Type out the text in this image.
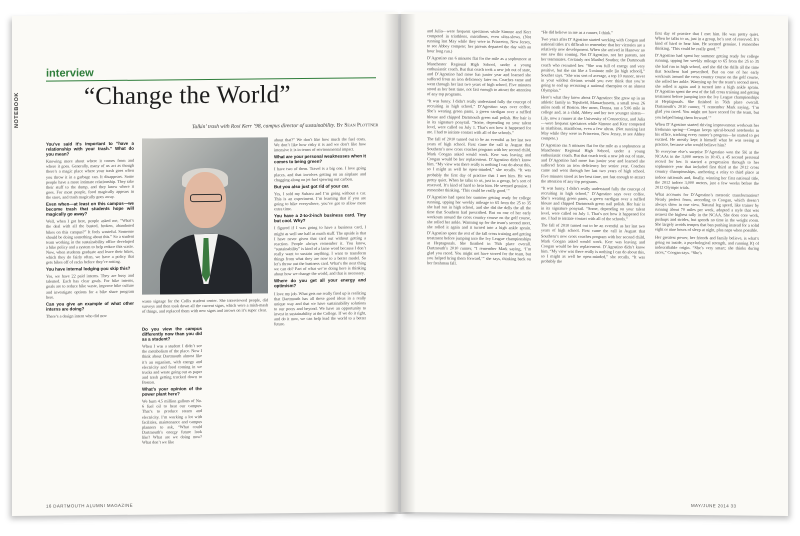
NOTEBOOK
interview
“Change the World”
Talkin’ trash with Rosi Kerr ’98, campus director of sustainability. By Sean Plottner

You’ve said it’s important to “have a relationship with your trash.” What do you mean?

Knowing more about where it comes from and where it goes. Generally, many of us act as though there’s a magic place where your trash goes when you throw it in a garbage can. It disappears. Some people have a more intimate relationship. They take their stuff to the dump, and they know where it goes. For most people, food magically appears in the store, and trash magically goes away.

Even when—at least on this campus—we become trash that students hope will magically go away?

Well, when I got here, people asked me, “What’s the deal with all the busted, broken, abandoned bikes on this campus?” It feels wasteful. Someone should be doing something about this.” So a student team working in the sustainability office developed a bike policy and a system to help reduce this waste. Now, when students graduate and leave their bikes, which they do fairly often, we have a policy that gets bikes off of racks before they’re rotting.

You have internal lodging-you skip this?

Yes, we have 22 paid interns. They are busy and talented. Each has clear goals. For bike interns, goals are to reduce bike waste, improve bike culture and investigate options for a bike share program here.

Can you give an example of what other interns are doing?

There’s a design intern who did new

waste signage for the Collis student center. She interviewed people, did surveys and then took down all the current signs, which were a mish-mash of things, and replaced them with new signs and arrows on it’s super clear.

Do you view the campus differently now than you did as a student?

When I was a student I didn’t see the metabolism of the place. Now I think about Dartmouth almost like it’s an organism, with energy and electricity and food coming in we trucks and waste going out as paper and trash getting trucked down to Boston.

What’s your opinion of the power plant here?

We burn 4.5 million gallons of No. 6 fuel oil to heat our campus. That’s to produce steam and electricity. I’m working a lot with facilities, maintenance and campus planners to ask, “What could Dartmouth’s energy future look like? What are we doing now? What don’t we like

about that?” We don’t like how much the fuel costs. We don’t like how risky it is and we don’t like how intensive it is in terms of environmental impact.

What are your personal weaknesses when it comes to being green?

I have two of them. Travel is a big one. I love going places, and that involves getting on an airplane and chugging along on jet fuel spewing out carbon.

But you also just got rid of your car.

Yes, I sold my Subaru and I’m going without a car. This is an experiment. I’m learning that if you are going to bike everywhere, you’ve got to allow more extra time.

You have a 2-to-2-inch business card. Tiny but cool. Why?

I figured if I was going to have a business card, I might as well use half as much stuff. The upside is that I have never given that card out without getting a reaction. People always remember it. You know, “sustainability” is kind of a lame word because I don’t really want to sustain anything. I want to transform things from what they are now to a better model. So let’s throw out the business card. What’s the next thing we can do? Part of what we’re doing here is thinking about how we change the world, and that is necessary.

Where do you get all your energy and optimism?

I love my job. What gets me really fired up is realizing that Dartmouth has all these good ideas in a really unique way and that we have sustainability solutions to our peers and beyond. We have an opportunity to invest in sustainability at the College. If we do it right, and do it now, we can help lead the world to a better future.

16 DARTMOUTH ALUMNI MAGAZINE

and Julia—were frequent spectators while Simone and Kerr competed in triathlons, marathons, even ultra-slows. (Not running last May while they were in Princeton, New Jersey, to see Abbey compete; her parents departed the day with an hour long run.)

D’Agostino ran 6 minutes flat for the mile as a sophomore at Manchester Regional High School, under a young enthusiastic coach. But that coach took a new job out of state, and D’Agostino had more fun junior year and learned she suffered from an iron deficiency later on. Coaches came and went through her last two years of high school. Five minutes stood as her best time, not fast enough to attract the attention of any top programs.

“It was funny. I didn’t really understand fully the concept of recruiting in high school,” D’Agostino says over coffee. She’s wearing green pants, a green cardigan over a ruffled blouse and chipped Dartmouth green nail polish. Her hair is in its signature ponytail. “Some, depending on your talent level, were called on July 1. That’s not how it happened for me. I had to initiate contact with all of the schools.”

The fall of 2010 turned out to be an eventful as her last two years of high school. First came the call in August that Southern’s new cross coaches program with her second child, Mark Coogan asked would work. Kerr was leaving and Coogan would be her replacement. D’Agostino didn’t know him. “My view was there really is nothing I can do about this, so I might as well be open-minded,” she recalls. “It was probably the first day of practice that I met him. He was pretty quiet. When he talks to us, just in a group, he’s sort of reserved. It’s kind of hard to hear him. He seemed genuine. I remember thinking, ‘This could be really good.’”

D’Agostino had spent her summer getting ready for college running, upping her weekly mileage to 65 from the 25 to 35 she had run in high school, and she did the dells the all the time that Southern had prescribed. But on one of her early workouts around the cross country course on the golf course, she rolled her ankle. Warming up for the team’s second meet, she rolled it again and it turned into a high ankle sprain. D’Agostino spent the rest of the fall cross training and getting treatment before jumping into the Ivy League championships at Heptagonals. She finished in 76th place overall. Dartmouth’s 2010 runner, “I remember Mark saying, ‘I’m glad you raced. You might not have scored for the team, but you helped bring them forward,’” she says, thinking back on her freshman fall.

“He did believe in me as a runner, I think.”

Two years after D’Agostino started working with Coogan and national titles it’s difficult to remember that her victories are a relatively new development. When she arrived in Hanover no one saw this coming. Not D’Agostino, not her parents, not her teammates. Certainly not Maribel Souther, the Dartmouth coach who recruited her. “She was full of energy and very positive, but she ran like a 5-minute mile [in high school],” Souther says. “She was sort of average, a top 10 runner, never in your wildest dreams would you ever think that you’re going to end up recruiting a national champion or an almost Olympian.”

Here’s what they knew about D’Agostino: She grew up in an athletic family in Topsfield, Massachusetts, a small town 26 miles north of Boston. Her mom, Donna, ran a 5:06 mile in college and, as a child, Abbey and her two younger sisters—Lily, now a runner at the University of Connecticut, and Julia—were frequent spectators while Simone and Kerr competed in triathlons, marathons, even a few ultras. (Not running last May while they were in Princeton, New Jersey, to see Abbey compete.)

D’Agostino ran 5 minutes flat for the mile as a sophomore at Manchester Regional High School, under a young enthusiastic coach. But that coach took a new job out of state, and D’Agostino had more fun junior year and learned she suffered from an iron deficiency her senior year. Coaches came and went through her last two years of high school. Five minutes stood as her best time, not fast enough to attract the attention of any top programs.

“It was funny. I didn’t really understand fully the concept of recruiting in high school,” D’Agostino says over coffee. She’s wearing green pants, a green cardigan over a ruffled blouse and chipped Dartmouth green nail polish. Her hair is in its signature ponytail. “Some, depending on your talent level, were called on July 1. That’s not how it happened for me. I had to initiate contact with all of the schools.”

The fall of 2010 turned out to be an eventful as her last two years of high school. First came the call in August that Southern’s new cross coaches program with her second child, Mark Coogan asked would work. Kerr was leaving and Coogan would be her replacement. D’Agostino didn’t know him. “My view was there really is nothing I can do about this, so I might as well be open-minded,” she recalls. “It was probably the

first day of practice that I met him. He was pretty quiet. When he talks to us, just in a group, he’s sort of reserved. It’s kind of hard to hear him. He seemed genuine. I remember thinking, ‘This could be really good.’”

D’Agostino had spent her summer getting ready for college running, upping her weekly mileage to 65 from the 25 to 35 she had run in high school, and she did the drills all the time that Southern had prescribed. But on one of her early workouts around the cross country course on the golf course, she rolled her ankle. Warming up for the team’s second meet, she rolled it again and it turned into a high ankle sprain. D’Agostino spent the rest of the fall cross training and getting treatment before jumping into the Ivy League championships at Heptagonals. She finished in 76th place overall. Dartmouth’s 2010 runner, “I remember Mark saying, ‘I’m glad you raced. You might not have scored for the team, but you helped bring them forward.’”

When D’Agostino started driving improvement workouts her freshman spring—Coogan keeps spiral-bound notebooks in his office, tracking every runner’s progress—he started to get excited. He mostly kept it himself what he was seeing at practice, because who would believe him?

To everyone else’s surprise D’Agostino won the 5K at the NCAAs in the 3,000 meters in 10:43, a 45 second personal record for her. It started a progression through to her sophomore year that included first third at the 2012 cross country championships, anchoring a relay to third place at indoor nationals and, finally, winning her first national title, the 2012 indoor 3,000 meters, just a few weeks before the 2012 Olympic trials.

What accounts for D’Agostino’s meteoric transformation? Nearly perfect form, according to Coogan, which doesn’t always show in one view. Natural leg speed, like trainer by running about 70 miles per week, adopted a style that was nearest the highest tally in the NCAA. She does core work, pushups and strides, but spends no time in the weight room. She largely avoids tempos that ban pushing instead for a solid eight or nine hours of sleep at night, plus naps when possible.

Her greatest power, her friends and family believe, is what’s going on inside, a psychological strength, and running IQ of indescribable origin. “She’s very smart; she thinks during races,” Coogan says. “She’s

MAY/JUNE 2014 33
